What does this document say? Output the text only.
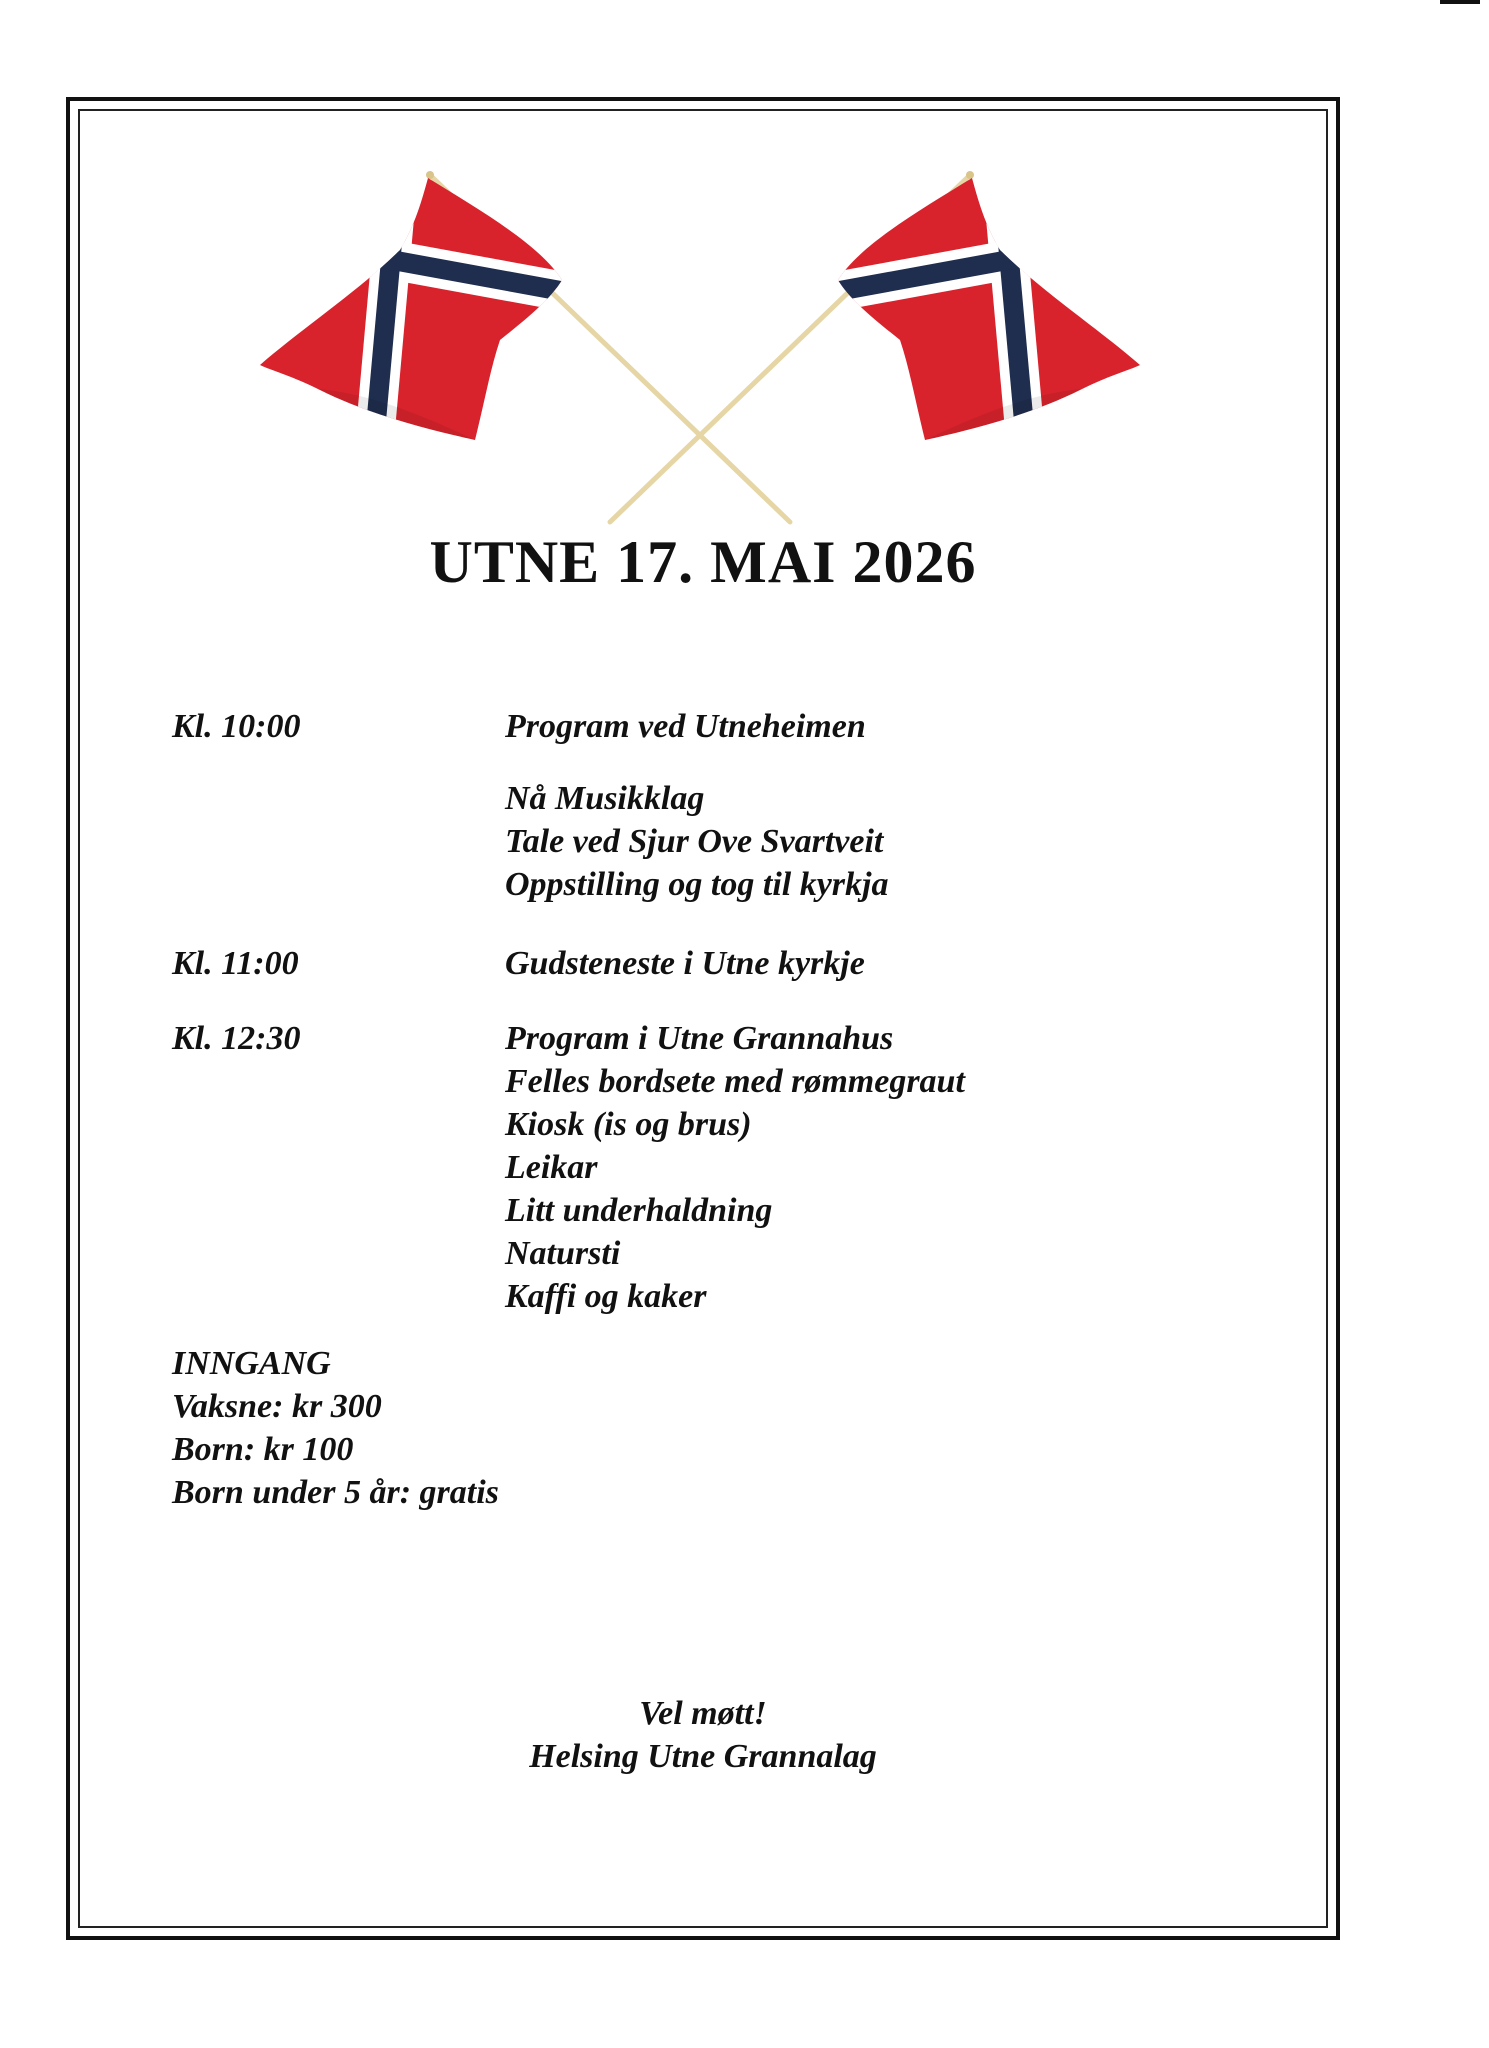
UTNE 17. MAI 2026
Kl. 10:00	Program ved Utneheimen
Nå Musikklag
Tale ved Sjur Ove Svartveit
Oppstilling og tog til kyrkja
Kl. 11:00	Gudsteneste i Utne kyrkje
Kl. 12:30	Program i Utne Grannahus
Felles bordsete med rømmegraut
Kiosk (is og brus)
Leikar
Litt underhaldning
Natursti
Kaffi og kaker
INNGANG
Vaksne: kr 300
Born: kr 100
Born under 5 år: gratis
Vel møtt!
Helsing Utne Grannalag
